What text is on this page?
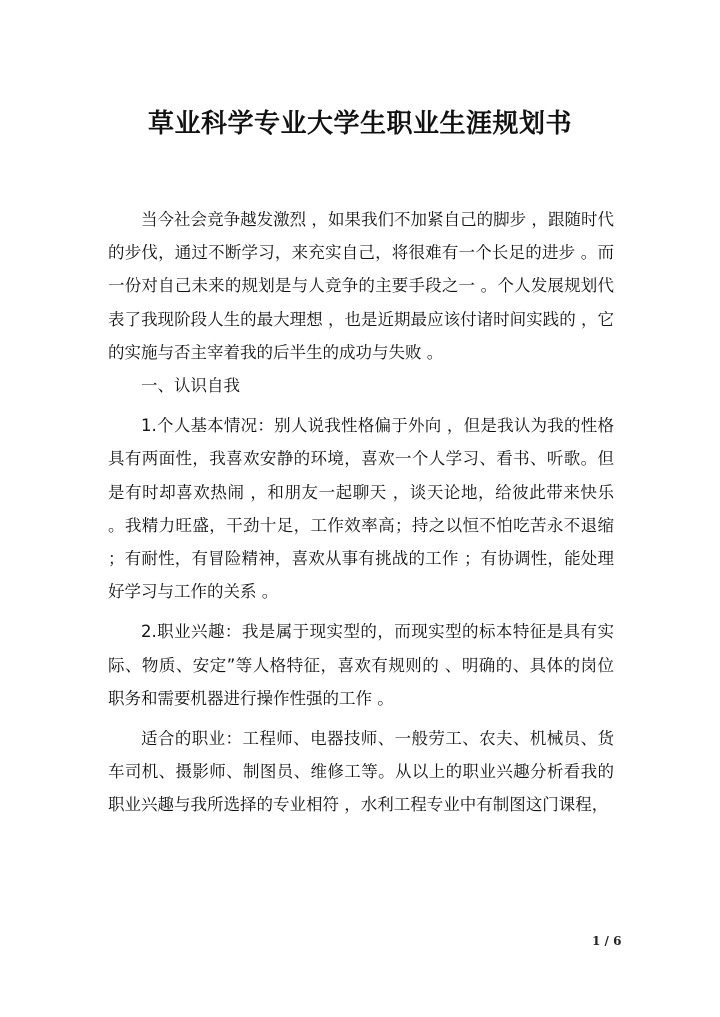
草业科学专业大学生职业生涯规划书

当今社会竞争越发激烈 ，如果我们不加紧自己的脚步 ，跟随时代的步伐，通过不断学习，来充实自己，将很难有一个长足的进步 。而一份对自己未来的规划是与人竞争的主要手段之一 。个人发展规划代表了我现阶段人生的最大理想 ，也是近期最应该付诸时间实践的 ，它的实施与否主宰着我的后半生的成功与失败 。

一、认识自我

1.个人基本情况：别人说我性格偏于外向 ，但是我认为我的性格具有两面性，我喜欢安静的环境，喜欢一个人学习、看书、听歌。但是有时却喜欢热闹 ，和朋友一起聊天 ，谈天论地，给彼此带来快乐 。我精力旺盛，干劲十足，工作效率高；持之以恒不怕吃苦永不退缩 ；有耐性，有冒险精神，喜欢从事有挑战的工作 ；有协调性，能处理好学习与工作的关系 。

2.职业兴趣：我是属于现实型的，而现实型的标本特征是具有实际、物质、安定”等人格特征，喜欢有规则的 、明确的、具体的岗位职务和需要机器进行操作性强的工作 。

适合的职业：工程师、电器技师、一般劳工、农夫、机械员、货车司机、摄影师、制图员、维修工等。从以上的职业兴趣分析看我的职业兴趣与我所选择的专业相符 ，水利工程专业中有制图这门课程，

1 / 6
